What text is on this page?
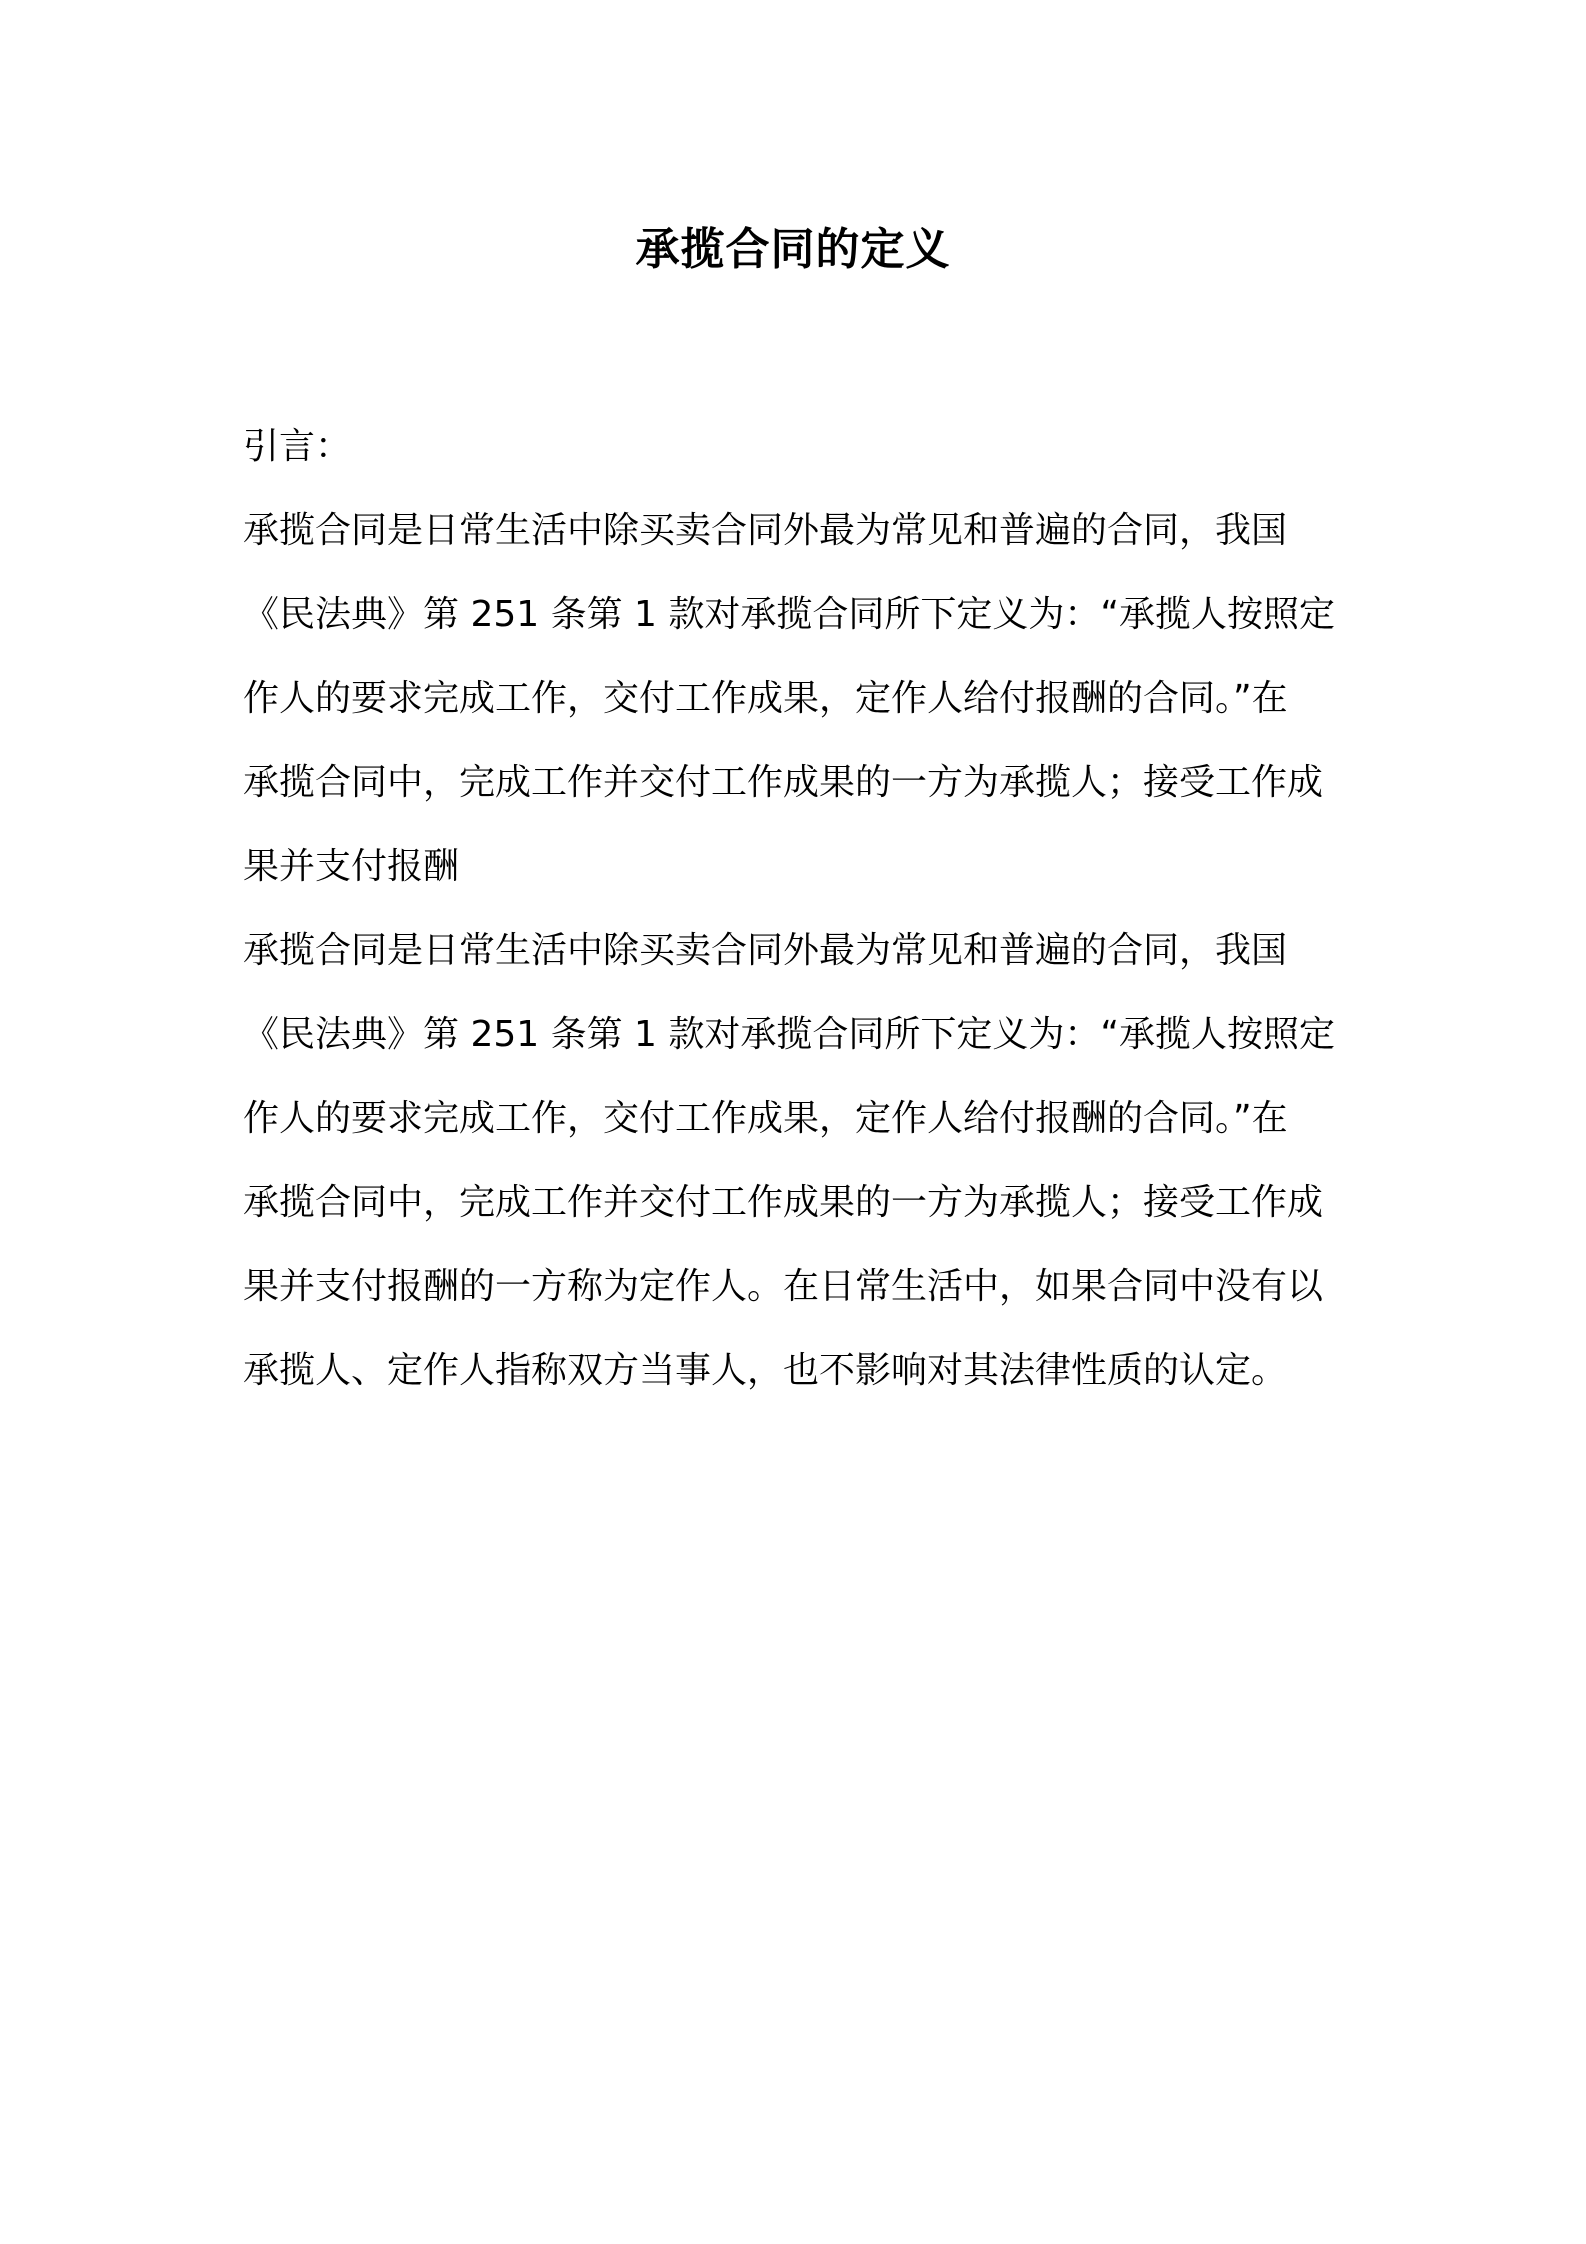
承揽合同的定义

引言：

承揽合同是日常生活中除买卖合同外最为常见和普遍的合同，我国
《民法典》第 251 条第 1 款对承揽合同所下定义为：“承揽人按照定
作人的要求完成工作，交付工作成果，定作人给付报酬的合同。”在
承揽合同中，完成工作并交付工作成果的一方为承揽人；接受工作成
果并支付报酬

承揽合同是日常生活中除买卖合同外最为常见和普遍的合同，我国
《民法典》第 251 条第 1 款对承揽合同所下定义为：“承揽人按照定
作人的要求完成工作，交付工作成果，定作人给付报酬的合同。”在
承揽合同中，完成工作并交付工作成果的一方为承揽人；接受工作成
果并支付报酬的一方称为定作人。在日常生活中，如果合同中没有以
承揽人、定作人指称双方当事人，也不影响对其法律性质的认定。
